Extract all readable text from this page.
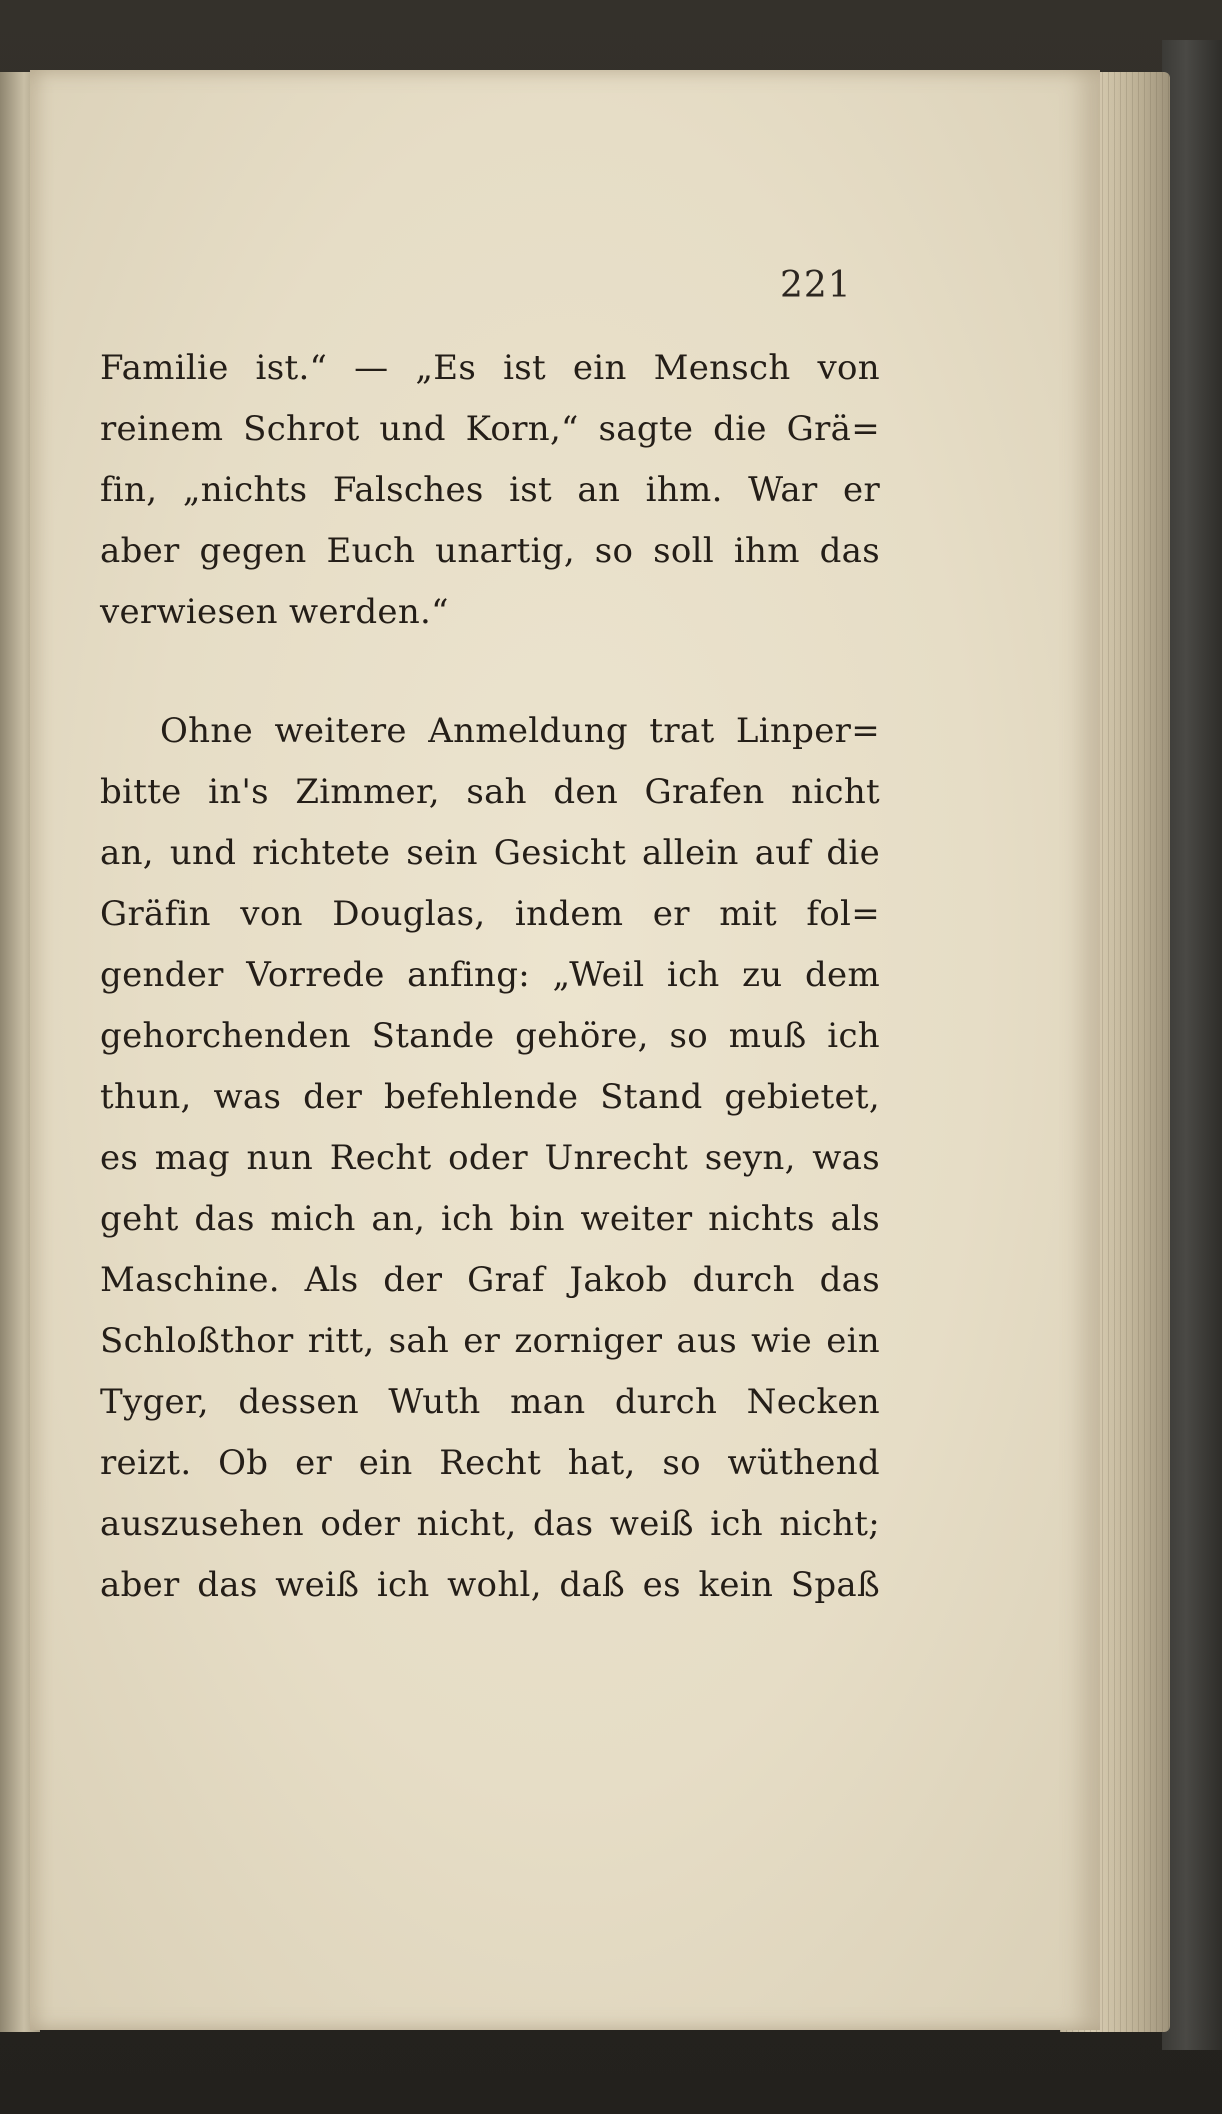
221
Familie ist.“ — „Es ist ein Mensch von
reinem Schrot und Korn,“ sagte die Grä=
fin, „nichts Falsches ist an ihm. War er
aber gegen Euch unartig, so soll ihm das
verwiesen werden.“
Ohne weitere Anmeldung trat Linper=
bitte in's Zimmer, sah den Grafen nicht
an, und richtete sein Gesicht allein auf die
Gräfin von Douglas, indem er mit fol=
gender Vorrede anfing: „Weil ich zu dem
gehorchenden Stande gehöre, so muß ich
thun, was der befehlende Stand gebietet,
es mag nun Recht oder Unrecht seyn, was
geht das mich an, ich bin weiter nichts als
Maschine. Als der Graf Jakob durch das
Schloßthor ritt, sah er zorniger aus wie ein
Tyger, dessen Wuth man durch Necken
reizt. Ob er ein Recht hat, so wüthend
auszusehen oder nicht, das weiß ich nicht;
aber das weiß ich wohl, daß es kein Spaß
